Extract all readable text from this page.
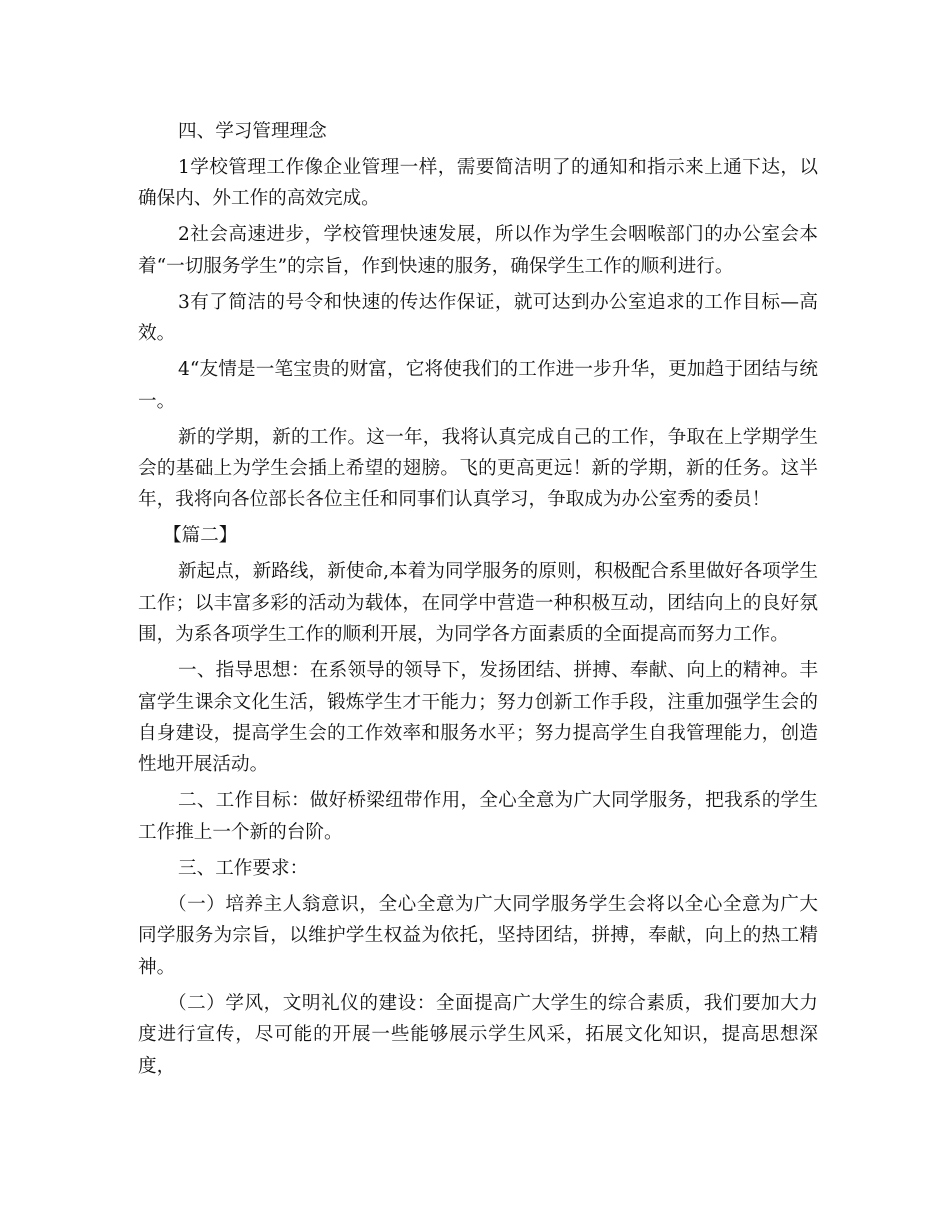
四、学习管理理念

1学校管理工作像企业管理一样，需要简洁明了的通知和指示来上通下达，以确保内、外工作的高效完成。

2社会高速进步，学校管理快速发展，所以作为学生会咽喉部门的办公室会本着“一切服务学生”的宗旨，作到快速的服务，确保学生工作的顺利进行。

3有了简洁的号令和快速的传达作保证，就可达到办公室追求的工作目标—高效。

4“友情是一笔宝贵的财富，它将使我们的工作进一步升华，更加趋于团结与统一。

新的学期，新的工作。这一年，我将认真完成自己的工作，争取在上学期学生会的基础上为学生会插上希望的翅膀。飞的更高更远！新的学期，新的任务。这半年，我将向各位部长各位主任和同事们认真学习，争取成为办公室秀的委员！

【篇二】

新起点，新路线，新使命,本着为同学服务的原则，积极配合系里做好各项学生工作；以丰富多彩的活动为载体，在同学中营造一种积极互动，团结向上的良好氛围，为系各项学生工作的顺利开展，为同学各方面素质的全面提高而努力工作。

一、指导思想：在系领导的领导下，发扬团结、拼搏、奉献、向上的精神。丰富学生课余文化生活，锻炼学生才干能力；努力创新工作手段，注重加强学生会的自身建设，提高学生会的工作效率和服务水平；努力提高学生自我管理能力，创造性地开展活动。

二、工作目标：做好桥梁纽带作用，全心全意为广大同学服务，把我系的学生工作推上一个新的台阶。

三、工作要求：

（一）培养主人翁意识，全心全意为广大同学服务学生会将以全心全意为广大同学服务为宗旨，以维护学生权益为依托，坚持团结，拼搏，奉献，向上的热工精神。

（二）学风，文明礼仪的建设：全面提高广大学生的综合素质，我们要加大力度进行宣传，尽可能的开展一些能够展示学生风采，拓展文化知识，提高思想深度，
